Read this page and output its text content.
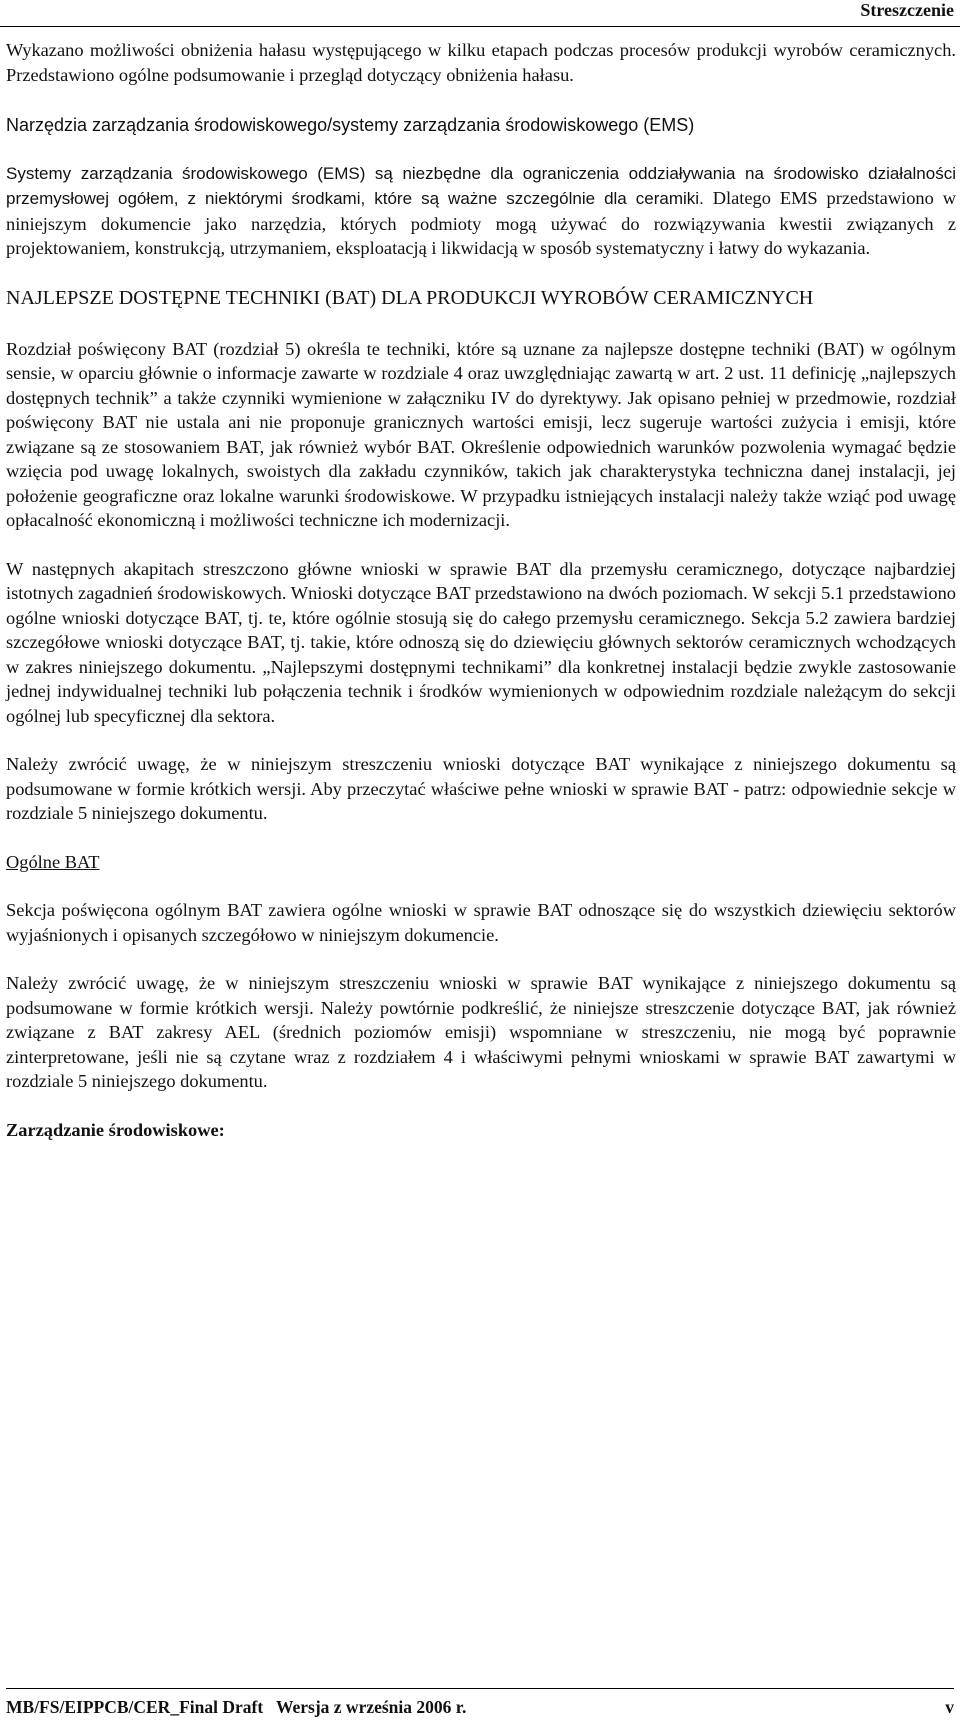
Streszczenie

Wykazano możliwości obniżenia hałasu występującego w kilku etapach podczas procesów produkcji wyrobów ceramicznych. Przedstawiono ogólne podsumowanie i przegląd dotyczący obniżenia hałasu.

Narzędzia zarządzania środowiskowego/systemy zarządzania środowiskowego (EMS)

Systemy zarządzania środowiskowego (EMS) są niezbędne dla ograniczenia oddziaływania na środowisko działalności przemysłowej ogółem, z niektórymi środkami, które są ważne szczególnie dla ceramiki. Dlatego EMS przedstawiono w niniejszym dokumencie jako narzędzia, których podmioty mogą używać do rozwiązywania kwestii związanych z projektowaniem, konstrukcją, utrzymaniem, eksploatacją i likwidacją w sposób systematyczny i łatwy do wykazania.

NAJLEPSZE DOSTĘPNE TECHNIKI (BAT) DLA PRODUKCJI WYROBÓW CERAMICZNYCH

Rozdział poświęcony BAT (rozdział 5) określa te techniki, które są uznane za najlepsze dostępne techniki (BAT) w ogólnym sensie, w oparciu głównie o informacje zawarte w rozdziale 4 oraz uwzględniając zawartą w art. 2 ust. 11 definicję „najlepszych dostępnych technik” a także czynniki wymienione w załączniku IV do dyrektywy. Jak opisano pełniej w przedmowie, rozdział poświęcony BAT nie ustala ani nie proponuje granicznych wartości emisji, lecz sugeruje wartości zużycia i emisji, które związane są ze stosowaniem BAT, jak również wybór BAT. Określenie odpowiednich warunków pozwolenia wymagać będzie wzięcia pod uwagę lokalnych, swoistych dla zakładu czynników, takich jak charakterystyka techniczna danej instalacji, jej położenie geograficzne oraz lokalne warunki środowiskowe. W przypadku istniejących instalacji należy także wziąć pod uwagę opłacalność ekonomiczną i możliwości techniczne ich modernizacji.

W następnych akapitach streszczono główne wnioski w sprawie BAT dla przemysłu ceramicznego, dotyczące najbardziej istotnych zagadnień środowiskowych. Wnioski dotyczące BAT przedstawiono na dwóch poziomach. W sekcji 5.1 przedstawiono ogólne wnioski dotyczące BAT, tj. te, które ogólnie stosują się do całego przemysłu ceramicznego. Sekcja 5.2 zawiera bardziej szczegółowe wnioski dotyczące BAT, tj. takie, które odnoszą się do dziewięciu głównych sektorów ceramicznych wchodzących w zakres niniejszego dokumentu. „Najlepszymi dostępnymi technikami” dla konkretnej instalacji będzie zwykle zastosowanie jednej indywidualnej techniki lub połączenia technik i środków wymienionych w odpowiednim rozdziale należącym do sekcji ogólnej lub specyficznej dla sektora.

Należy zwrócić uwagę, że w niniejszym streszczeniu wnioski dotyczące BAT wynikające z niniejszego dokumentu są podsumowane w formie krótkich wersji. Aby przeczytać właściwe pełne wnioski w sprawie BAT - patrz: odpowiednie sekcje w rozdziale 5 niniejszego dokumentu.

Ogólne BAT

Sekcja poświęcona ogólnym BAT zawiera ogólne wnioski w sprawie BAT odnoszące się do wszystkich dziewięciu sektorów wyjaśnionych i opisanych szczegółowo w niniejszym dokumencie.

Należy zwrócić uwagę, że w niniejszym streszczeniu wnioski w sprawie BAT wynikające z niniejszego dokumentu są podsumowane w formie krótkich wersji. Należy powtórnie podkreślić, że niniejsze streszczenie dotyczące BAT, jak również związane z BAT zakresy AEL (średnich poziomów emisji) wspomniane w streszczeniu, nie mogą być poprawnie zinterpretowane, jeśli nie są czytane wraz z rozdziałem 4 i właściwymi pełnymi wnioskami w sprawie BAT zawartymi w rozdziale 5 niniejszego dokumentu.

Zarządzanie środowiskowe:

MB/FS/EIPPCB/CER_Final Draft   Wersja z września 2006 r.	v
